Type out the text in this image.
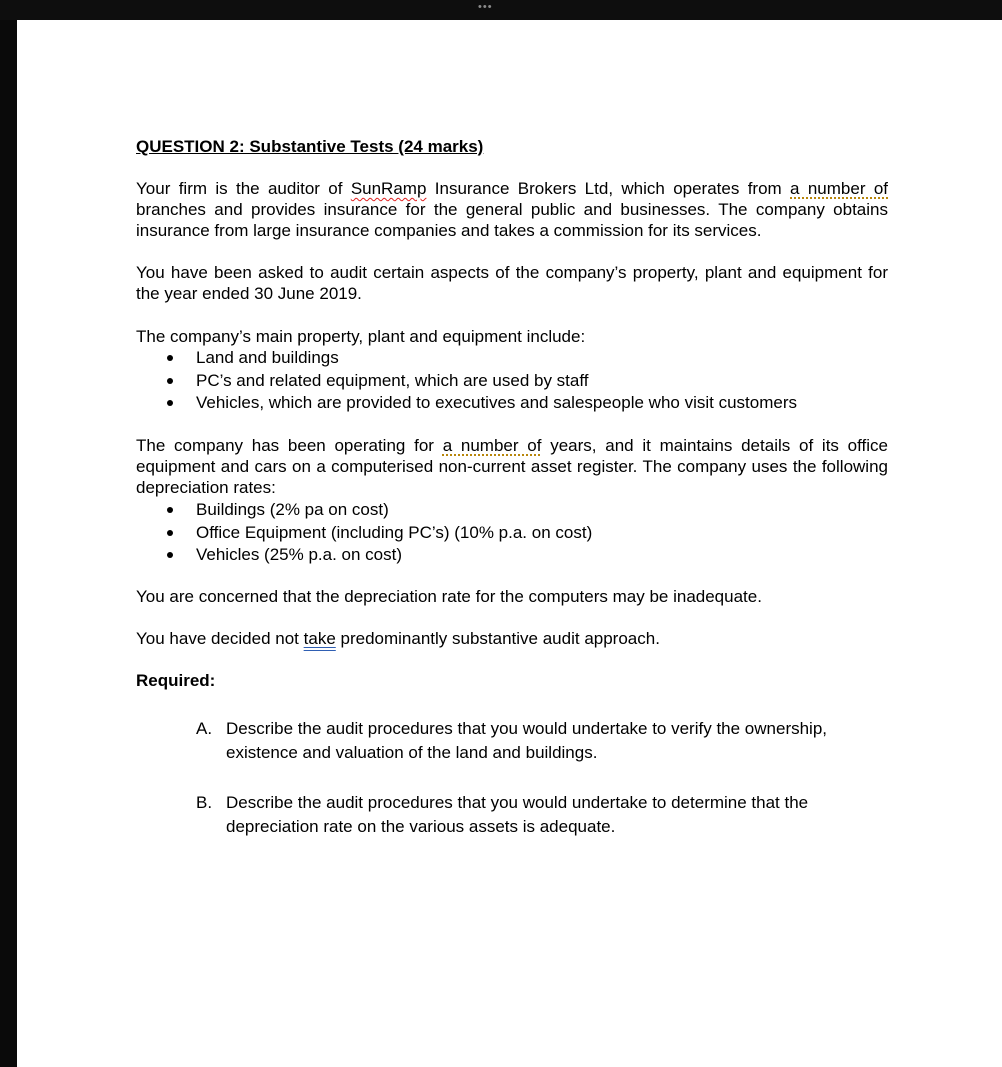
•••

QUESTION 2: Substantive Tests (24 marks)

Your firm is the auditor of SunRamp Insurance Brokers Ltd, which operates from a number of branches and provides insurance for the general public and businesses. The company obtains insurance from large insurance companies and takes a commission for its services.

You have been asked to audit certain aspects of the company’s property, plant and equipment for the year ended 30 June 2019.

The company’s main property, plant and equipment include:

Land and buildings
PC’s and related equipment, which are used by staff
Vehicles, which are provided to executives and salespeople who visit customers

The company has been operating for a number of years, and it maintains details of its office equipment and cars on a computerised non-current asset register. The company uses the following depreciation rates:

Buildings (2% pa on cost)
Office Equipment (including PC’s) (10% p.a. on cost)
Vehicles (25% p.a. on cost)

You are concerned that the depreciation rate for the computers may be inadequate.

You have decided not take predominantly substantive audit approach.

Required:

A. Describe the audit procedures that you would undertake to verify the ownership, existence and valuation of the land and buildings.
B. Describe the audit procedures that you would undertake to determine that the depreciation rate on the various assets is adequate.
